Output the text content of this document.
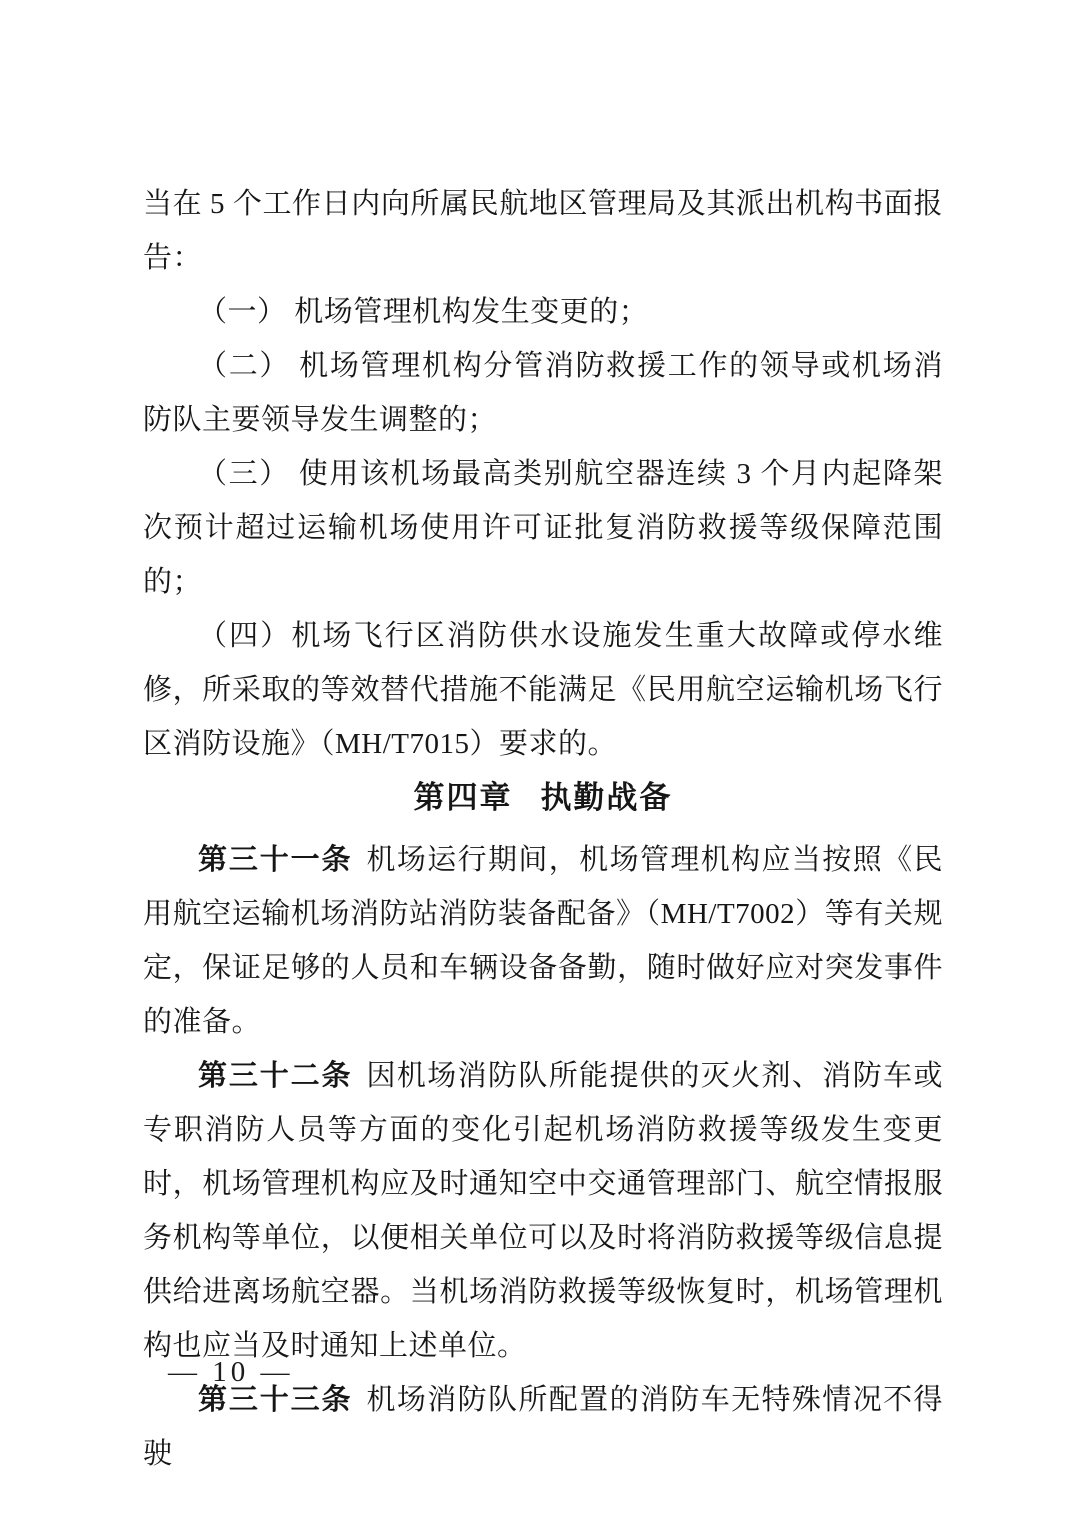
当在 5 个工作日内向所属民航地区管理局及其派出机构书面报告：

（一） 机场管理机构发生变更的；

（二） 机场管理机构分管消防救援工作的领导或机场消防队主要领导发生调整的；

（三） 使用该机场最高类别航空器连续 3 个月内起降架次预计超过运输机场使用许可证批复消防救援等级保障范围的；

（四）机场飞行区消防供水设施发生重大故障或停水维修，所采取的等效替代措施不能满足《民用航空运输机场飞行区消防设施》（MH/T7015）要求的。

第四章 执勤战备

第三十一条 机场运行期间，机场管理机构应当按照《民用航空运输机场消防站消防装备配备》（MH/T7002）等有关规定，保证足够的人员和车辆设备备勤，随时做好应对突发事件的准备。

第三十二条 因机场消防队所能提供的灭火剂、消防车或专职消防人员等方面的变化引起机场消防救援等级发生变更时，机场管理机构应及时通知空中交通管理部门、航空情报服务机构等单位，以便相关单位可以及时将消防救援等级信息提供给进离场航空器。当机场消防救援等级恢复时，机场管理机构也应当及时通知上述单位。

第三十三条 机场消防队所配置的消防车无特殊情况不得驶

— 10 —
